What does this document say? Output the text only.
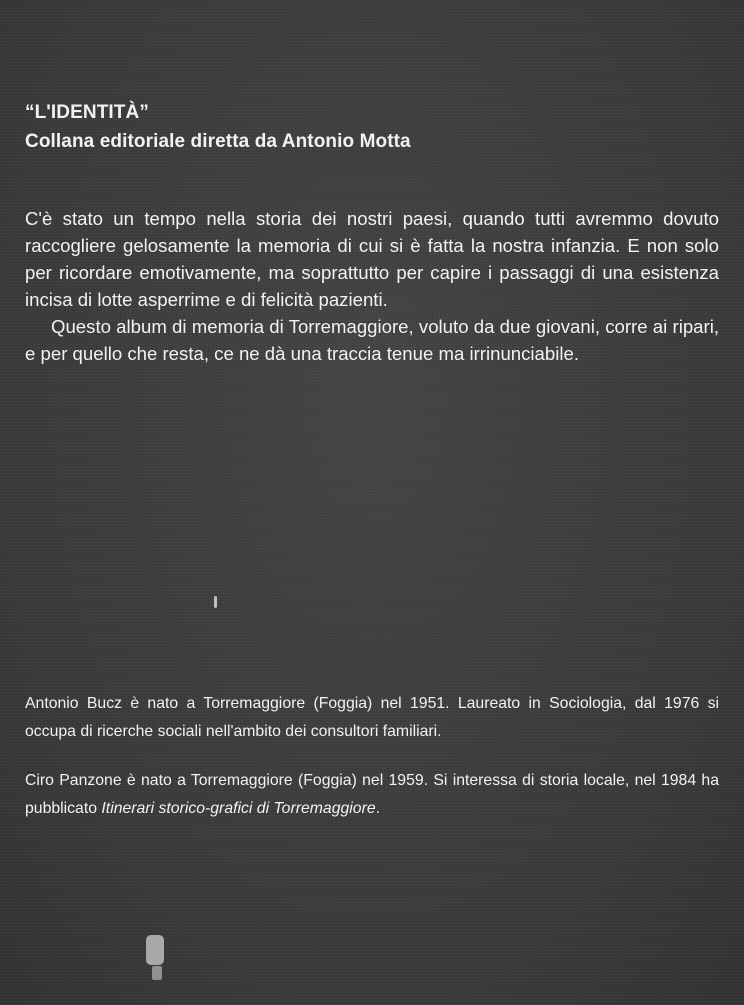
“L'IDENTITÀ”
Collana editoriale diretta da Antonio Motta

C'è stato un tempo nella storia dei nostri paesi, quando tutti avremmo dovuto raccogliere gelosamente la memoria di cui si è fatta la nostra infanzia. E non solo per ricordare emotivamente, ma soprattutto per capire i passaggi di una esistenza incisa di lotte asperrime e di felicità pazienti.

Questo album di memoria di Torremaggiore, voluto da due giovani, corre ai ripari, e per quello che resta, ce ne dà una traccia tenue ma irrinunciabile.

Antonio Bucz è nato a Torremaggiore (Foggia) nel 1951. Laureato in Sociologia, dal 1976 si occupa di ricerche sociali nell'ambito dei consultori familiari.

Ciro Panzone è nato a Torremaggiore (Foggia) nel 1959. Si interessa di storia locale, nel 1984 ha pubblicato Itinerari storico-grafici di Torremaggiore.
